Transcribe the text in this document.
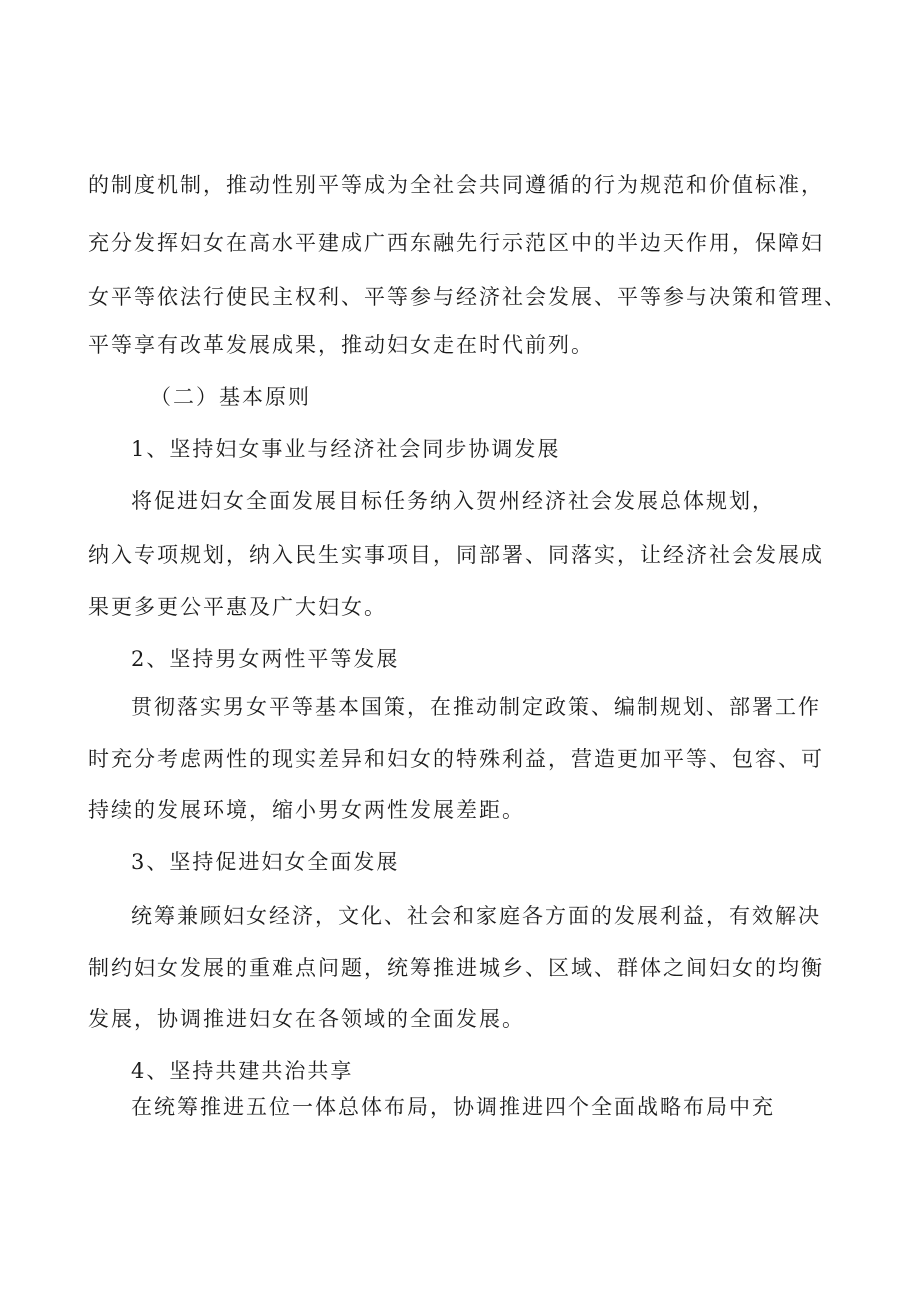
的制度机制，推动性别平等成为全社会共同遵循的行为规范和价值标准，
充分发挥妇女在高水平建成广西东融先行示范区中的半边天作用，保障妇
女平等依法行使民主权利、平等参与经济社会发展、平等参与决策和管理、
平等享有改革发展成果，推动妇女走在时代前列。
（二）基本原则
1、坚持妇女事业与经济社会同步协调发展
将促进妇女全面发展目标任务纳入贺州经济社会发展总体规划，
纳入专项规划，纳入民生实事项目，同部署、同落实，让经济社会发展成
果更多更公平惠及广大妇女。
2、坚持男女两性平等发展
贯彻落实男女平等基本国策，在推动制定政策、编制规划、部署工作
时充分考虑两性的现实差异和妇女的特殊利益，营造更加平等、包容、可
持续的发展环境，缩小男女两性发展差距。
3、坚持促进妇女全面发展
统筹兼顾妇女经济，文化、社会和家庭各方面的发展利益，有效解决
制约妇女发展的重难点问题，统筹推进城乡、区域、群体之间妇女的均衡
发展，协调推进妇女在各领域的全面发展。
4、坚持共建共治共享
在统筹推进五位一体总体布局，协调推进四个全面战略布局中充
